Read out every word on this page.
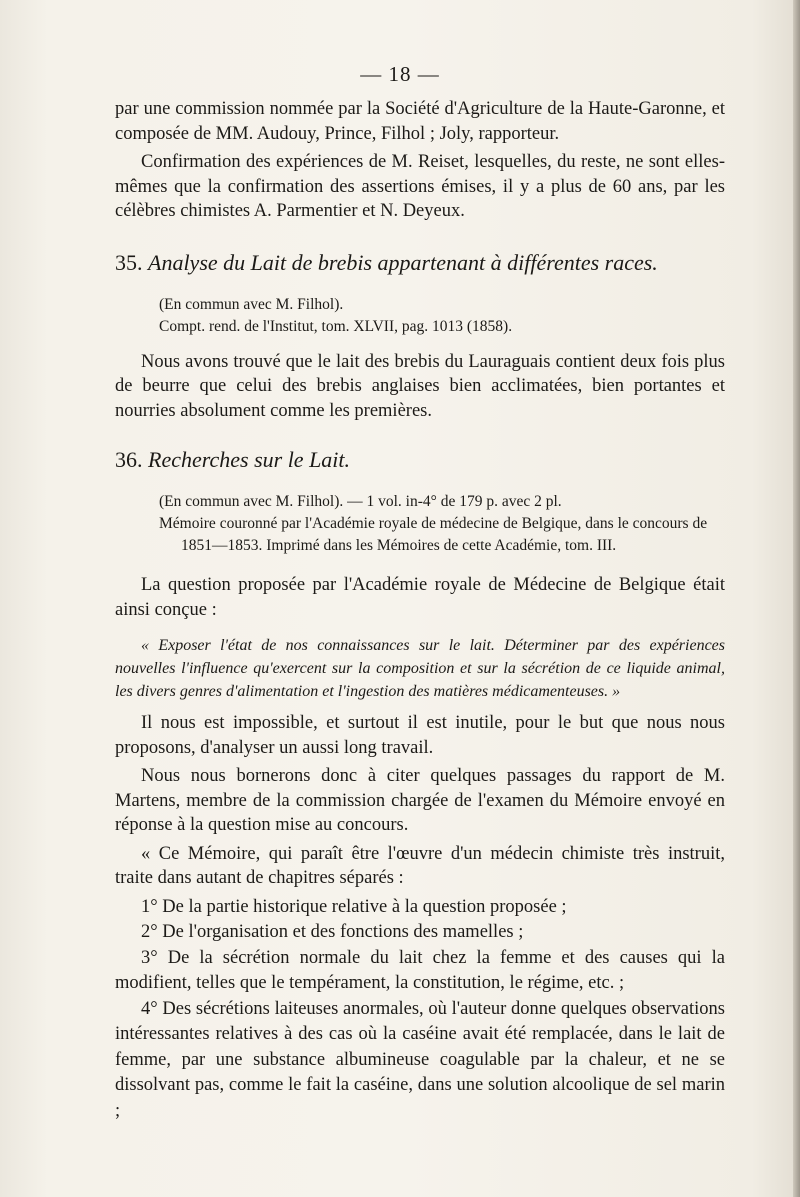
— 18 —

par une commission nommée par la Société d'Agriculture de la Haute-Garonne, et composée de MM. Audouy, Prince, Filhol ; Joly, rapporteur.

Confirmation des expériences de M. Reiset, lesquelles, du reste, ne sont elles-mêmes que la confirmation des assertions émises, il y a plus de 60 ans, par les célèbres chimistes A. Parmentier et N. Deyeux.

35. Analyse du Lait de brebis appartenant à différentes races.

(En commun avec M. Filhol).

Compt. rend. de l'Institut, tom. XLVII, pag. 1013 (1858).

Nous avons trouvé que le lait des brebis du Lauraguais contient deux fois plus de beurre que celui des brebis anglaises bien acclimatées, bien portantes et nourries absolument comme les premières.

36. Recherches sur le Lait.

(En commun avec M. Filhol). — 1 vol. in-4° de 179 p. avec 2 pl.

Mémoire couronné par l'Académie royale de médecine de Belgique, dans le concours de 1851—1853. Imprimé dans les Mémoires de cette Académie, tom. III.

La question proposée par l'Académie royale de Médecine de Belgique était ainsi conçue :

« Exposer l'état de nos connaissances sur le lait. Déterminer par des expériences nouvelles l'influence qu'exercent sur la composition et sur la sécrétion de ce liquide animal, les divers genres d'alimentation et l'ingestion des matières médicamenteuses. »

Il nous est impossible, et surtout il est inutile, pour le but que nous nous proposons, d'analyser un aussi long travail.

Nous nous bornerons donc à citer quelques passages du rapport de M. Martens, membre de la commission chargée de l'examen du Mémoire envoyé en réponse à la question mise au concours.

« Ce Mémoire, qui paraît être l'œuvre d'un médecin chimiste très instruit, traite dans autant de chapitres séparés :

1° De la partie historique relative à la question proposée ;

2° De l'organisation et des fonctions des mamelles ;

3° De la sécrétion normale du lait chez la femme et des causes qui la modifient, telles que le tempérament, la constitution, le régime, etc. ;

4° Des sécrétions laiteuses anormales, où l'auteur donne quelques observations intéressantes relatives à des cas où la caséine avait été remplacée, dans le lait de femme, par une substance albumineuse coagulable par la chaleur, et ne se dissolvant pas, comme le fait la caséine, dans une solution alcoolique de sel marin ;
